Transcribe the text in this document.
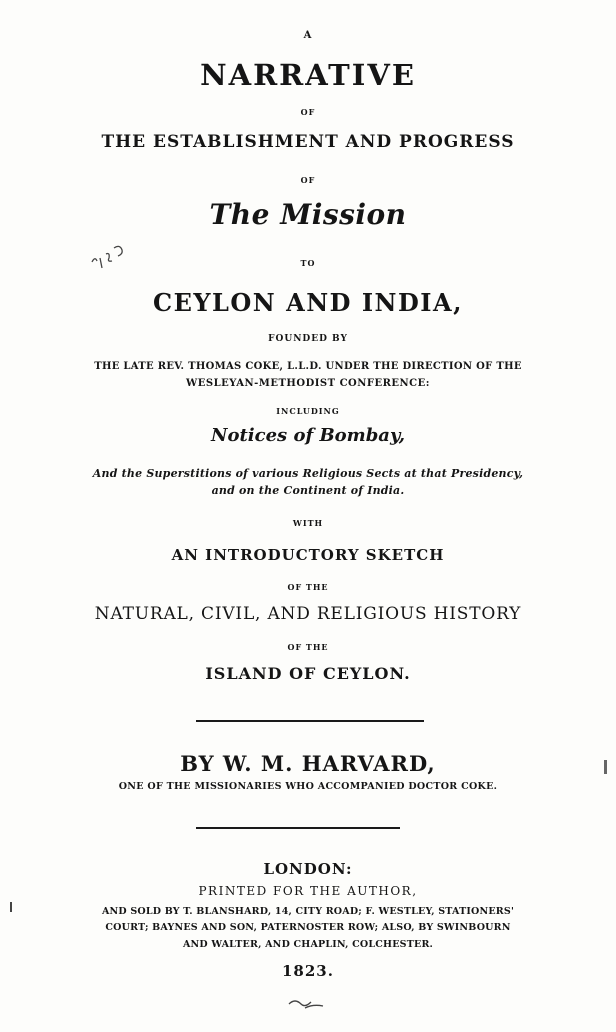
A
NARRATIVE
OF
THE ESTABLISHMENT AND PROGRESS
OF
The Mission
TO
CEYLON AND INDIA,
FOUNDED BY
THE LATE REV. THOMAS COKE, L.L.D. UNDER THE DIRECTION OF THE
WESLEYAN-METHODIST CONFERENCE:
INCLUDING
Notices of Bombay,
And the Superstitions of various Religious Sects at that Presidency,
and on the Continent of India.
WITH
AN INTRODUCTORY SKETCH
OF THE
NATURAL, CIVIL, AND RELIGIOUS HISTORY
OF THE
ISLAND OF CEYLON.
BY W. M. HARVARD,
ONE OF THE MISSIONARIES WHO ACCOMPANIED DOCTOR COKE.
LONDON:
PRINTED FOR THE AUTHOR,
AND SOLD BY T. BLANSHARD, 14, CITY ROAD; F. WESTLEY, STATIONERS'
COURT; BAYNES AND SON, PATERNOSTER ROW; ALSO, BY SWINBOURN
AND WALTER, AND CHAPLIN, COLCHESTER.
1823.
